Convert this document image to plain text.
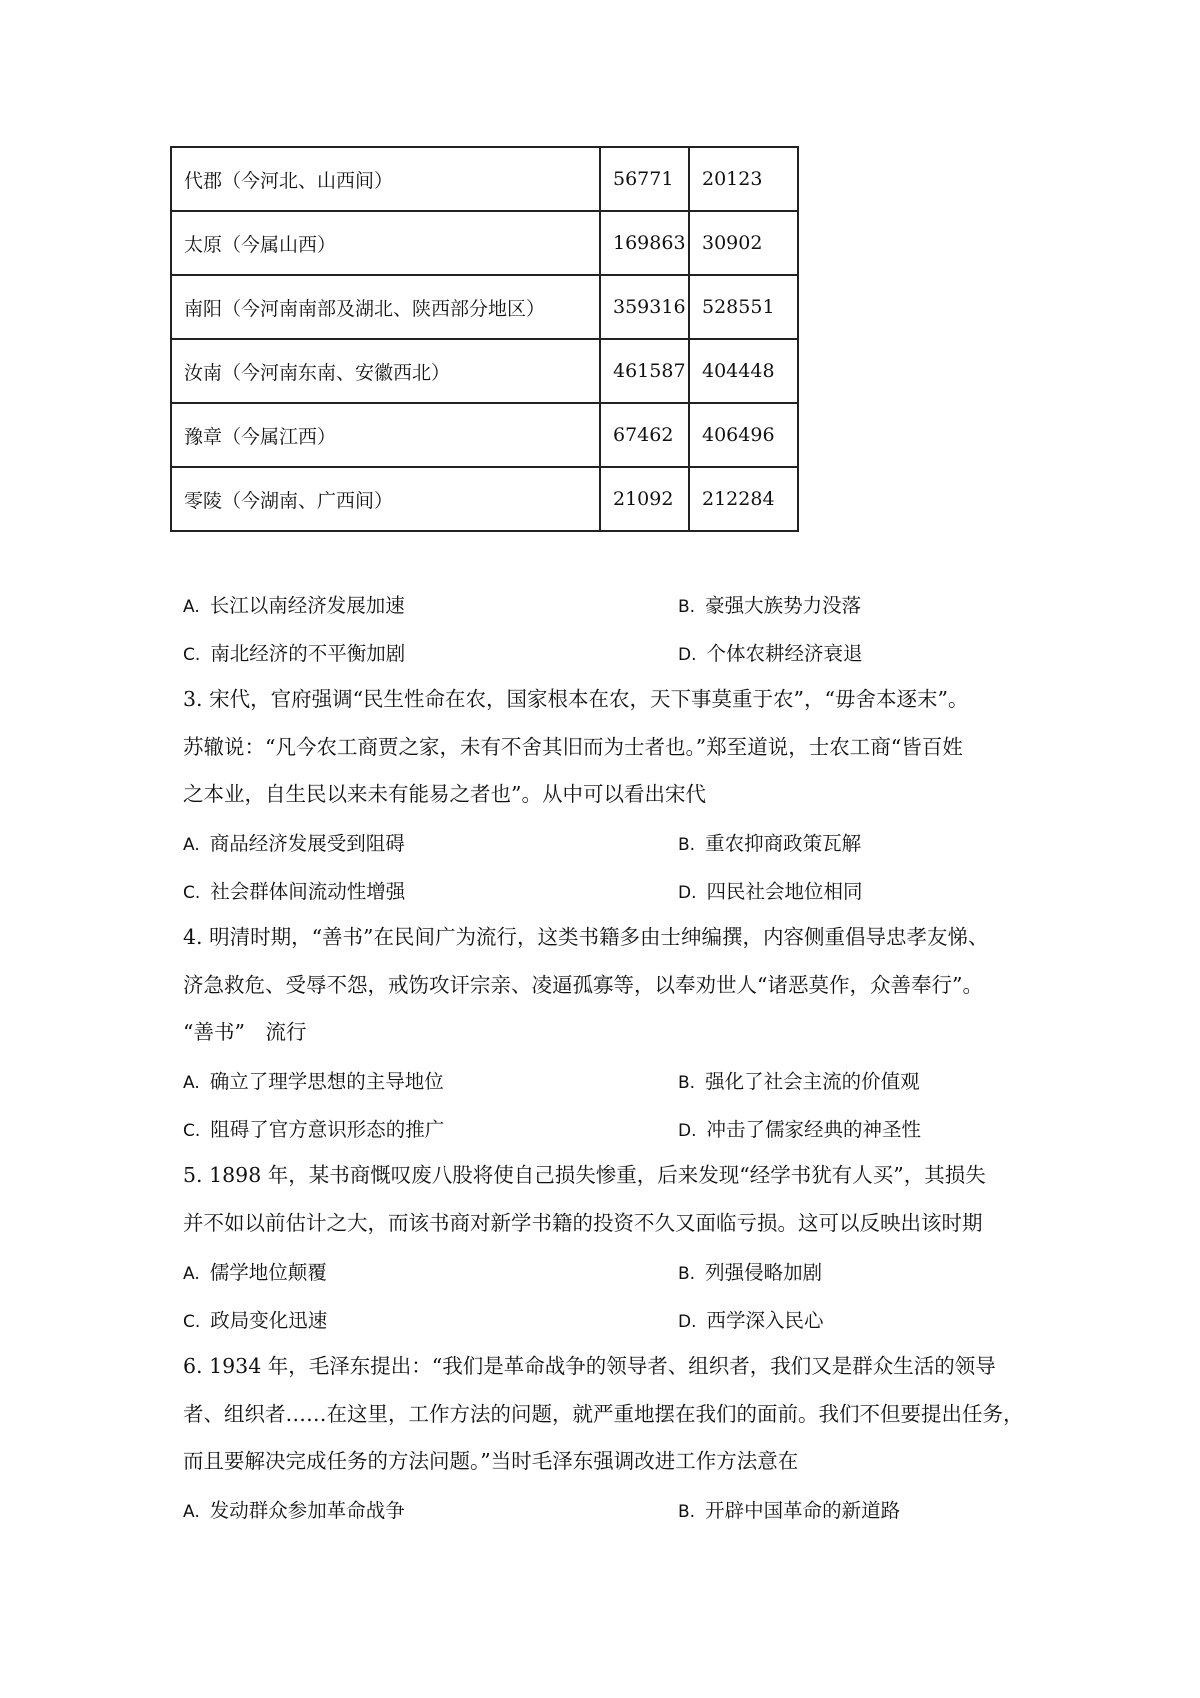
代郡（今河北、山西间）	56771	20123
太原（今属山西）	169863	30902
南阳（今河南南部及湖北、陕西部分地区）	359316	528551
汝南（今河南东南、安徽西北）	461587	404448
豫章（今属江西）	67462	406496
零陵（今湖南、广西间）	21092	212284
A. 长江以南经济发展加速	B. 豪强大族势力没落
C. 南北经济的不平衡加剧	D. 个体农耕经济衰退
3. 宋代，官府强调“民生性命在农，国家根本在农，天下事莫重于农”，“毋舍本逐末”。
苏辙说：“凡今农工商贾之家，未有不舍其旧而为士者也。”郑至道说，士农工商“皆百姓
之本业，自生民以来未有能易之者也”。从中可以看出宋代
A. 商品经济发展受到阻碍	B. 重农抑商政策瓦解
C. 社会群体间流动性增强	D. 四民社会地位相同
4. 明清时期，“善书”在民间广为流行，这类书籍多由士绅编撰，内容侧重倡导忠孝友悌、
济急救危、受辱不怨，戒饬攻讦宗亲、凌逼孤寡等，以奉劝世人“诸恶莫作，众善奉行”。
“善书”　流行
A. 确立了理学思想的主导地位	B. 强化了社会主流的价值观
C. 阻碍了官方意识形态的推广	D. 冲击了儒家经典的神圣性
5. 1898 年，某书商慨叹废八股将使自己损失惨重，后来发现“经学书犹有人买”，其损失
并不如以前估计之大，而该书商对新学书籍的投资不久又面临亏损。这可以反映出该时期
A. 儒学地位颠覆	B. 列强侵略加剧
C. 政局变化迅速	D. 西学深入民心
6. 1934 年，毛泽东提出：“我们是革命战争的领导者、组织者，我们又是群众生活的领导
者、组织者……在这里，工作方法的问题，就严重地摆在我们的面前。我们不但要提出任务，
而且要解决完成任务的方法问题。”当时毛泽东强调改进工作方法意在
A. 发动群众参加革命战争	B. 开辟中国革命的新道路
